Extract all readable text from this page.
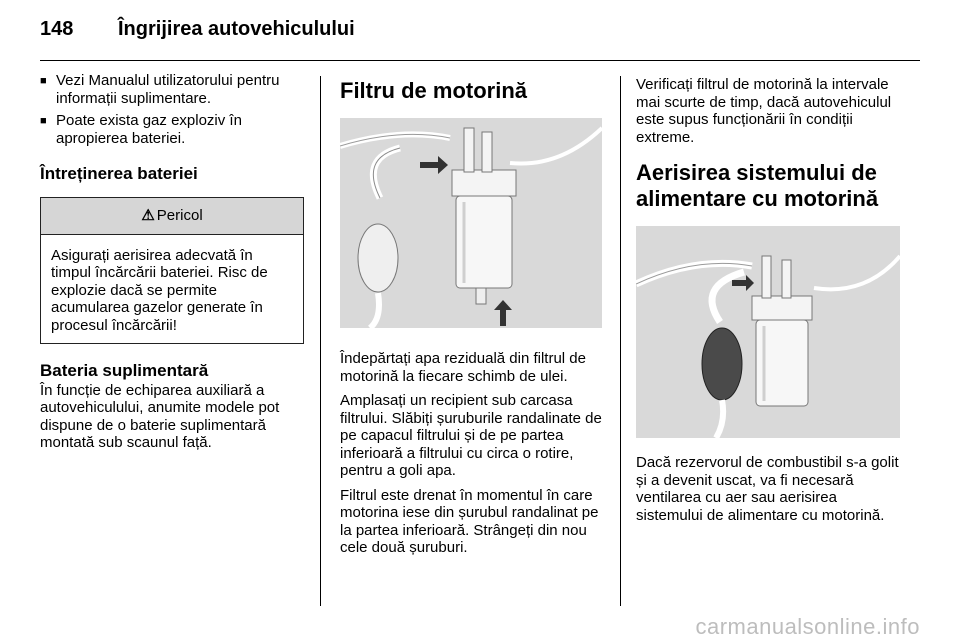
148 Îngrijirea autovehiculului
■ Vezi Manualul utilizatorului pentru informații suplimentare.
■ Poate exista gaz exploziv în apropierea bateriei.
Întreținerea bateriei
⚠ Pericol
Asigurați aerisirea adecvată în timpul încărcării bateriei. Risc de explozie dacă se permite acumularea gazelor generate în procesul încărcării!
Bateria suplimentară
În funcție de echiparea auxiliară a autovehiculului, anumite modele pot dispune de o baterie suplimentară montată sub scaunul față.
Filtru de motorină

Îndepărtați apa reziduală din filtrul de motorină la fiecare schimb de ulei.

Amplasați un recipient sub carcasa filtrului. Slăbiți șuruburile randalinate de pe capacul filtrului și de pe partea inferioară a filtrului cu circa o rotire, pentru a goli apa.

Filtrul este drenat în momentul în care motorina iese din șurubul randalinat pe la partea inferioară. Strângeți din nou cele două șuruburi.

Verificați filtrul de motorină la intervale mai scurte de timp, dacă autovehiculul este supus funcționării în condiții extreme.

Aerisirea sistemului de alimentare cu motorină

Dacă rezervorul de combustibil s-a golit și a devenit uscat, va fi necesară ventilarea cu aer sau aerisirea sistemului de alimentare cu motorină.

carmanualsonline.info
